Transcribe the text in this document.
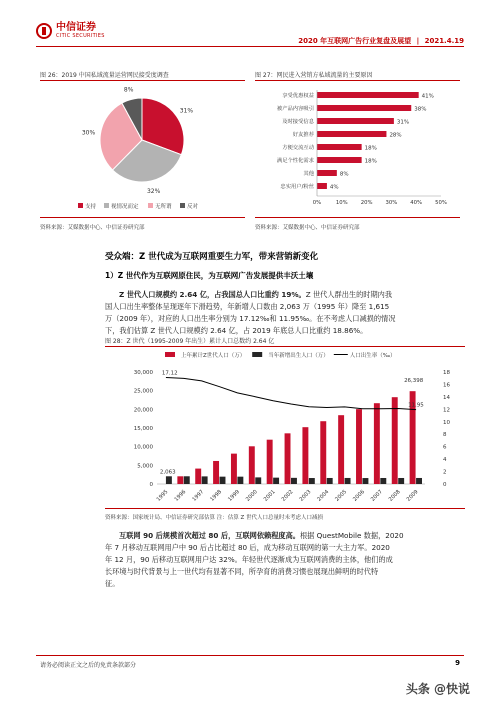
中信证券
CITIC SECURITIES
2020 年互联网广告行业复盘及展望 | 2021.4.19
图 26：2019 中国私域流量运营网民接受度调查
31%
32%
30%
8%
支持	视情况而定	无所谓	反对
资料来源：艾媒数据中心、中信证券研究部
图 27：网民进入营销方私域流量的主要原因
享受优惠权益	41%
被产品内容吸引	38%
及时接受信息	31%
好友推荐	28%
方便交流互动	18%
满足个性化需求	18%
其他	8%
忠实用户/粉丝	4%
0%	10% 20% 30% 40% 50%
资料来源：艾媒数据中心、中信证券研究部
受众端：Z 世代成为互联网重要生力军，带来营销新变化
1）Z 世代作为互联网原住民，为互联网广告发展提供丰沃土壤
Z 世代人口规模约 2.64 亿，占我国总人口比重约 19%。Z 世代人群出生的时期内我
国人口出生率整体呈现逐年下滑趋势，年新增人口数由 2,063 万（1995 年）降至 1,615
万（2009 年），对应的人口出生率分别为 17.12‰和 11.95‰。在不考虑人口减损的情况
下，我们估算 Z 世代人口规模约 2.64 亿，占 2019 年底总人口比重约 18.86%。
图 28：Z 世代（1995-2009 年出生）累计人口总数约 2.64 亿
上年累计Z世代人口（万）	当年新增出生人口（万）	人口出生率（‰）
0
5,000
10,000
15,000
20,000
25,000
30,000
0
2
4
6
8
10
12
14
16
18
1995 1996 1997 1998 1999 2000 2001 2002 2003 2004 2005 2006 2007 2008 2009
17.12
2,063
26,398
11.95
资料来源：国家统计局、中信证券研究部估算 注：估算 Z 世代人口总量时未考虑人口减损
互联网 90 后规模首次超过 80 后，互联网依赖程度高。根据 QuestMobile 数据，2020
年 7 月移动互联网用户中 90 后占比超过 80 后，成为移动互联网的第一大主力军。2020
年 12 月，90 后移动互联网用户达 32%。年轻世代逐渐成为互联网消费的主体，他们的成
长环境与时代背景与上一世代均有显著不同，所孕育的消费习惯也展现出鲜明的时代特
征。
请务必阅读正文之后的免责条款部分	9
头条 @快说
